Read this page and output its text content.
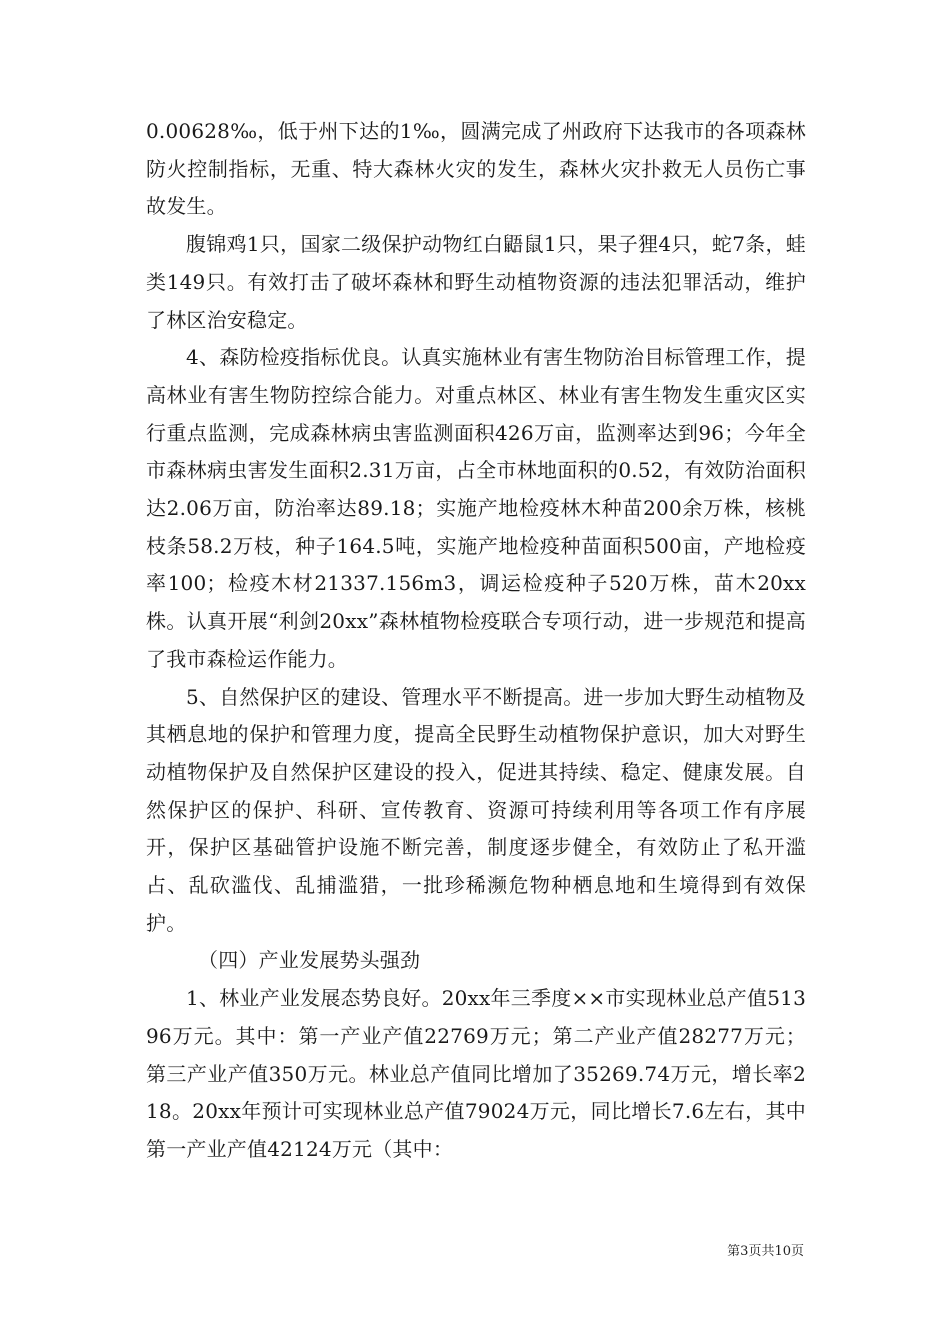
0.00628‰，低于州下达的1‰，圆满完成了州政府下达我市的各项森林防火控制指标，无重、特大森林火灾的发生，森林火灾扑救无人员伤亡事故发生。

腹锦鸡1只，国家二级保护动物红白鼯鼠1只，果子狸4只，蛇7条，蛙类149只。有效打击了破坏森林和野生动植物资源的违法犯罪活动，维护了林区治安稳定。

4、森防检疫指标优良。认真实施林业有害生物防治目标管理工作，提高林业有害生物防控综合能力。对重点林区、林业有害生物发生重灾区实行重点监测，完成森林病虫害监测面积426万亩，监测率达到96；今年全市森林病虫害发生面积2.31万亩，占全市林地面积的0.52，有效防治面积达2.06万亩，防治率达89.18；实施产地检疫林木种苗200余万株，核桃枝条58.2万枝，种子164.5吨，实施产地检疫种苗面积500亩，产地检疫率100；检疫木材21337.156m3，调运检疫种子520万株，苗木20xx株。认真开展“利剑20xx”森林植物检疫联合专项行动，进一步规范和提高了我市森检运作能力。

5、自然保护区的建设、管理水平不断提高。进一步加大野生动植物及其栖息地的保护和管理力度，提高全民野生动植物保护意识，加大对野生动植物保护及自然保护区建设的投入，促进其持续、稳定、健康发展。自然保护区的保护、科研、宣传教育、资源可持续利用等各项工作有序展开，保护区基础管护设施不断完善，制度逐步健全，有效防止了私开滥占、乱砍滥伐、乱捕滥猎，一批珍稀濒危物种栖息地和生境得到有效保护。

（四）产业发展势头强劲

1、林业产业发展态势良好。20xx年三季度××市实现林业总产值51396万元。其中：第一产业产值22769万元；第二产业产值28277万元；第三产业产值350万元。林业总产值同比增加了35269.74万元，增长率218。20xx年预计可实现林业总产值79024万元，同比增长7.6左右，其中第一产业产值42124万元（其中：

第3页共10页
